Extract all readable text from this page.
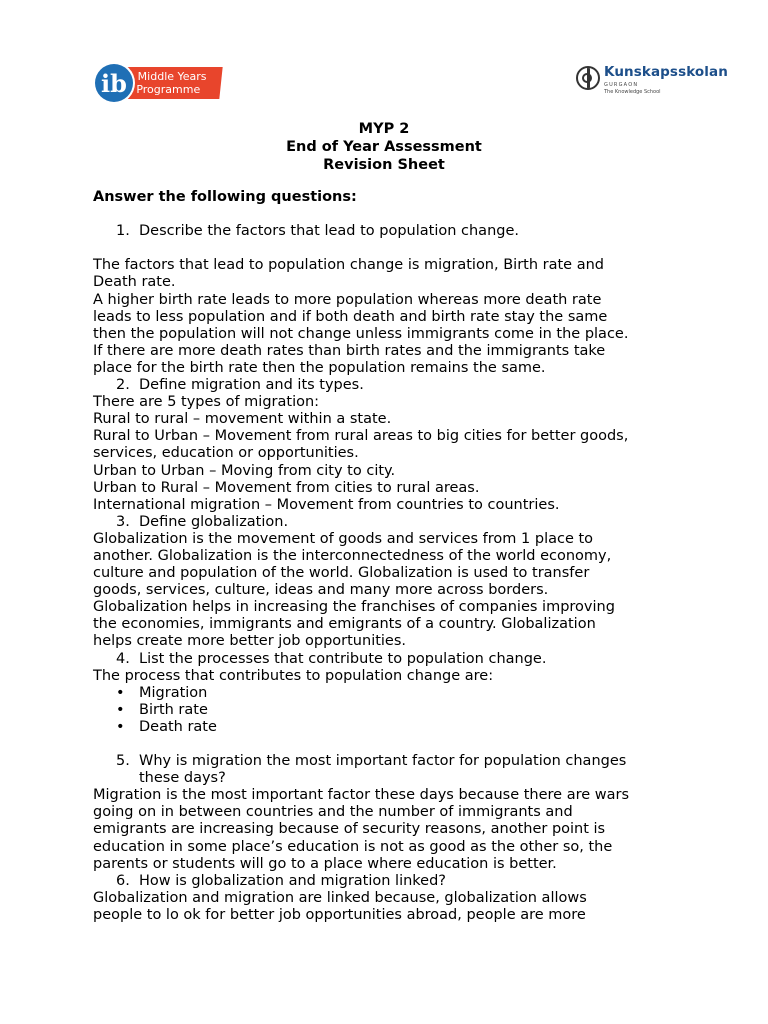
Middle Years
Programme
ib	Kunskapsskolan
GURGAON
The Knowledge School
MYP 2
End of Year Assessment
Revision Sheet

Answer the following questions:

1. Describe the factors that lead to population change.

The factors that lead to population change is migration, Birth rate and

Death rate.

A higher birth rate leads to more population whereas more death rate

leads to less population and if both death and birth rate stay the same

then the population will not change unless immigrants come in the place.

If there are more death rates than birth rates and the immigrants take

place for the birth rate then the population remains the same.

2. Define migration and its types.

There are 5 types of migration:

Rural to rural – movement within a state.

Rural to Urban – Movement from rural areas to big cities for better goods,

services, education or opportunities.

Urban to Urban – Moving from city to city.

Urban to Rural – Movement from cities to rural areas.

International migration – Movement from countries to countries.

3. Define globalization.

Globalization is the movement of goods and services from 1 place to

another. Globalization is the interconnectedness of the world economy,

culture and population of the world. Globalization is used to transfer

goods, services, culture, ideas and many more across borders.

Globalization helps in increasing the franchises of companies improving

the economies, immigrants and emigrants of a country. Globalization

helps create more better job opportunities.

4. List the processes that contribute to population change.

The process that contributes to population change are:

• Migration

• Birth rate

• Death rate

5. Why is migration the most important factor for population changes

these days?

Migration is the most important factor these days because there are wars

going on in between countries and the number of immigrants and

emigrants are increasing because of security reasons, another point is

education in some place’s education is not as good as the other so, the

parents or students will go to a place where education is better.

6. How is globalization and migration linked?

Globalization and migration are linked because, globalization allows

people to lo ok for better job opportunities abroad, people are more
